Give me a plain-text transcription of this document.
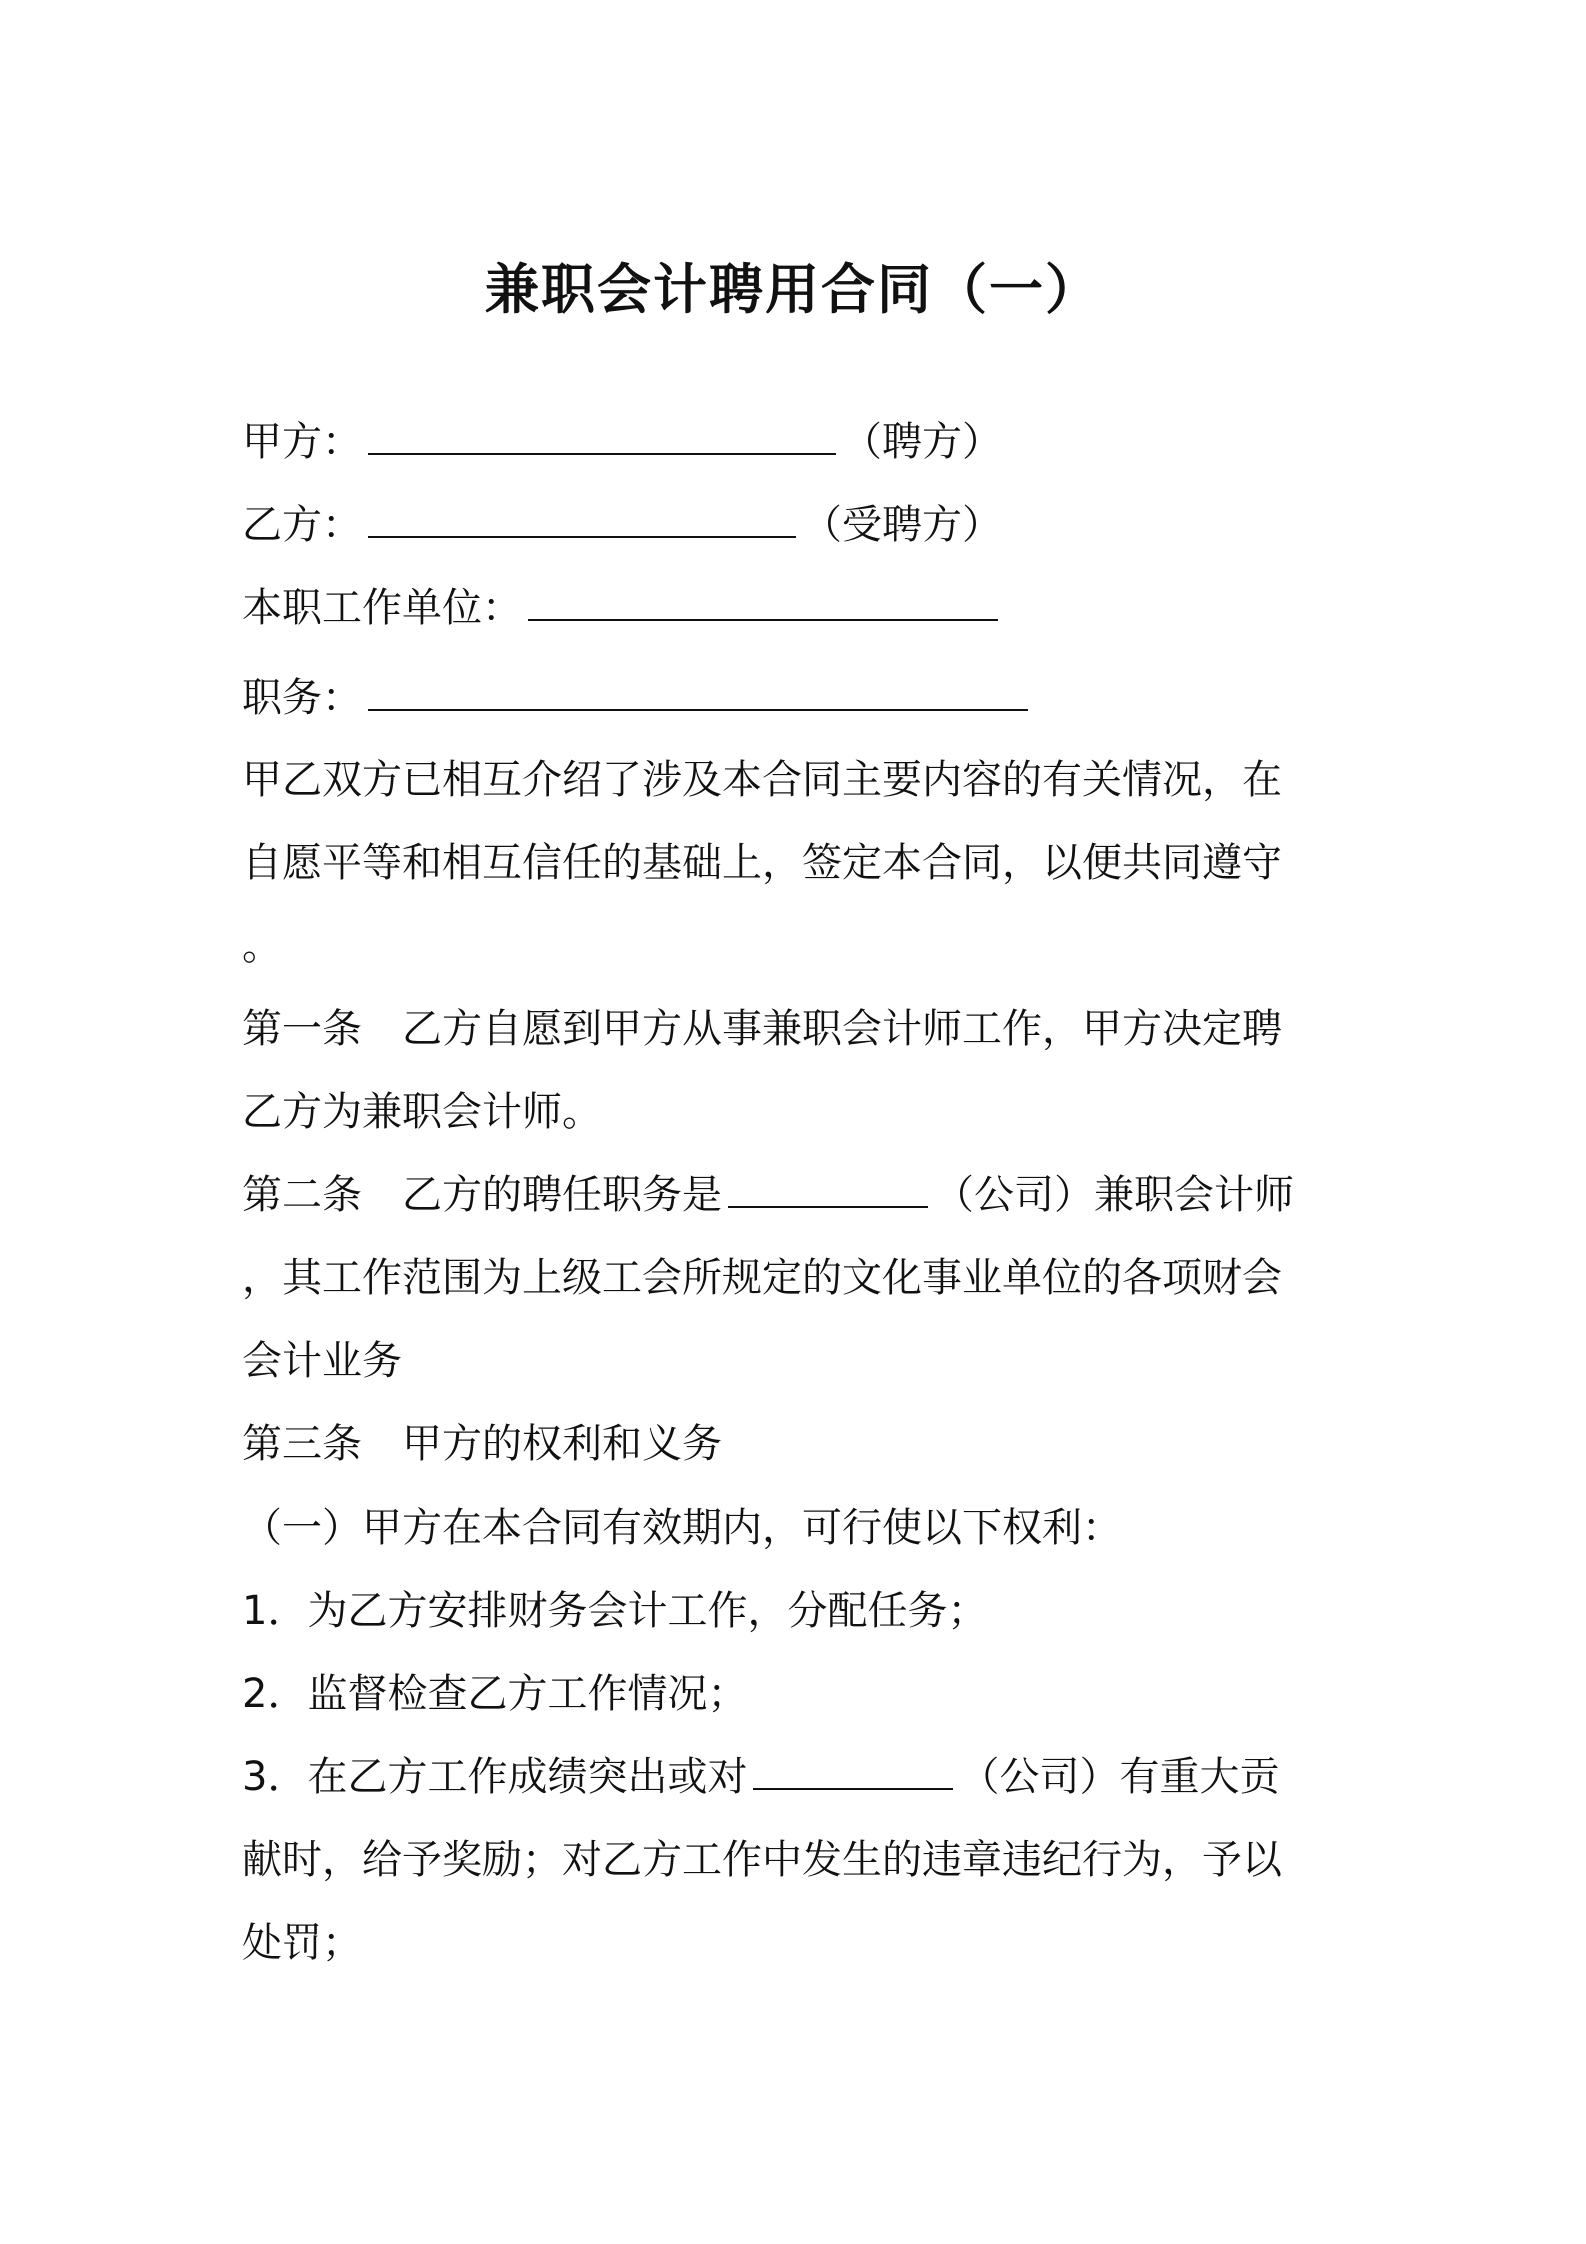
兼职会计聘用合同（一）
甲方：	（聘方）
乙方：	（受聘方）
本职工作单位：
职务：
甲乙双方已相互介绍了涉及本合同主要内容的有关情况，在
自愿平等和相互信任的基础上，签定本合同，以便共同遵守
。
第一条　乙方自愿到甲方从事兼职会计师工作，甲方决定聘
乙方为兼职会计师。
第二条　乙方的聘任职务是	（公司）兼职会计师
，其工作范围为上级工会所规定的文化事业单位的各项财会
会计业务
第三条　甲方的权利和义务
（一）甲方在本合同有效期内，可行使以下权利：
1．为乙方安排财务会计工作，分配任务；
2．监督检查乙方工作情况；
3．在乙方工作成绩突出或对	（公司）有重大贡
献时，给予奖励；对乙方工作中发生的违章违纪行为，予以
处罚；
